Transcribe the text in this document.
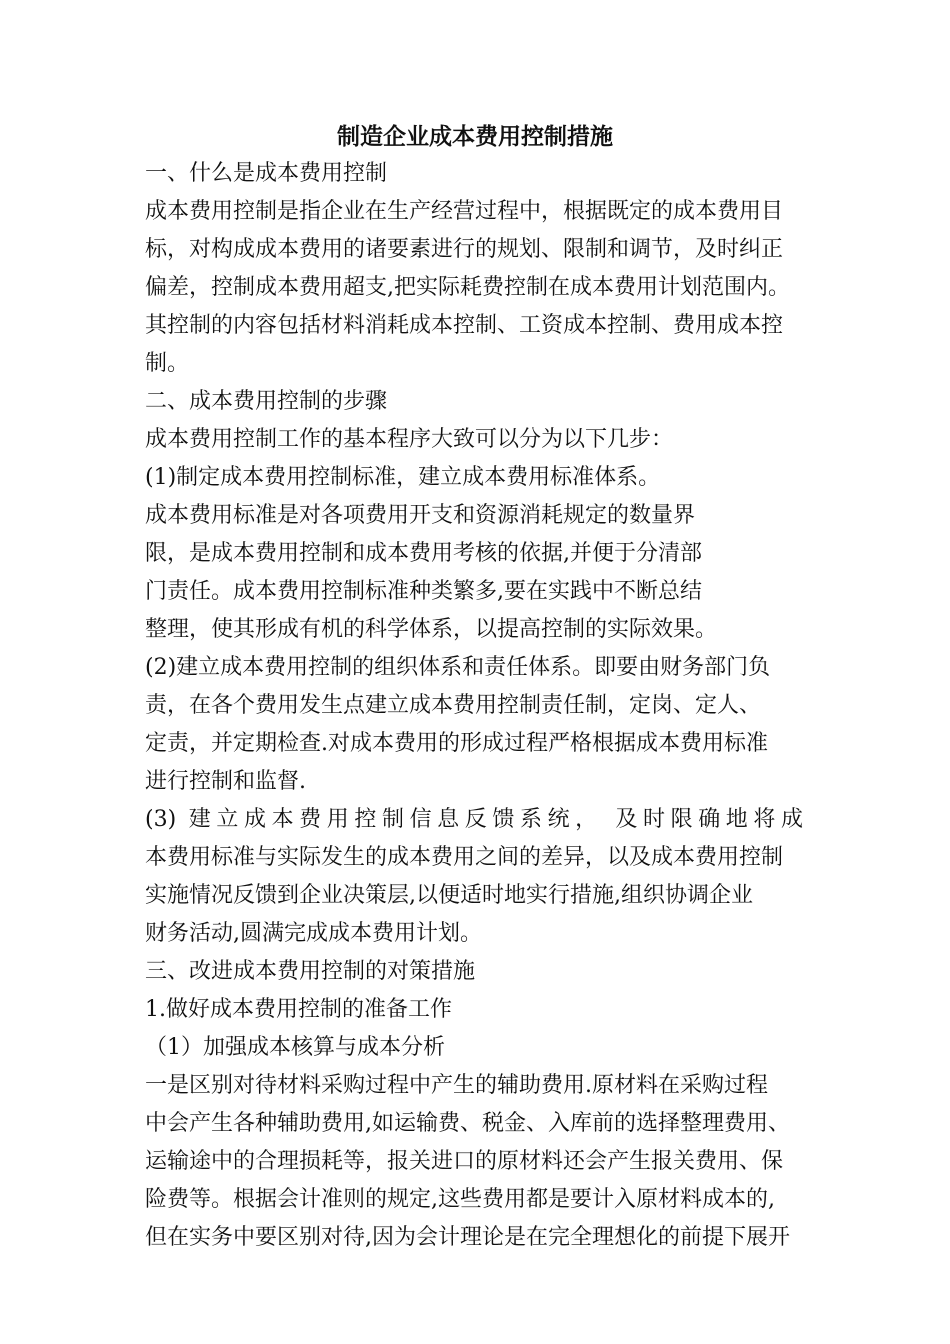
制造企业成本费用控制措施
一、什么是成本费用控制
成本费用控制是指企业在生产经营过程中，根据既定的成本费用目
标，对构成成本费用的诸要素进行的规划、限制和调节，及时纠正
偏差，控制成本费用超支,把实际耗费控制在成本费用计划范围内。
其控制的内容包括材料消耗成本控制、工资成本控制、费用成本控
制。
二、成本费用控制的步骤
成本费用控制工作的基本程序大致可以分为以下几步：
(1)制定成本费用控制标准，建立成本费用标准体系。
成本费用标准是对各项费用开支和资源消耗规定的数量界
限，是成本费用控制和成本费用考核的依据,并便于分清部
门责任。成本费用控制标准种类繁多,要在实践中不断总结
整理，使其形成有机的科学体系，以提高控制的实际效果。
(2)建立成本费用控制的组织体系和责任体系。即要由财务部门负
责，在各个费用发生点建立成本费用控制责任制，定岗、定人、
定责，并定期检查.对成本费用的形成过程严格根据成本费用标准
进行控制和监督.
(3) 建立成本费用控制信息反馈系统， 及时限确地将成
本费用标准与实际发生的成本费用之间的差异，以及成本费用控制
实施情况反馈到企业决策层,以便适时地实行措施,组织协调企业
财务活动,圆满完成成本费用计划。
三、改进成本费用控制的对策措施
1.做好成本费用控制的准备工作
（1）加强成本核算与成本分析
一是区别对待材料采购过程中产生的辅助费用.原材料在采购过程
中会产生各种辅助费用,如运输费、税金、入库前的选择整理费用、
运输途中的合理损耗等，报关进口的原材料还会产生报关费用、保
险费等。根据会计准则的规定,这些费用都是要计入原材料成本的,
但在实务中要区别对待,因为会计理论是在完全理想化的前提下展开
